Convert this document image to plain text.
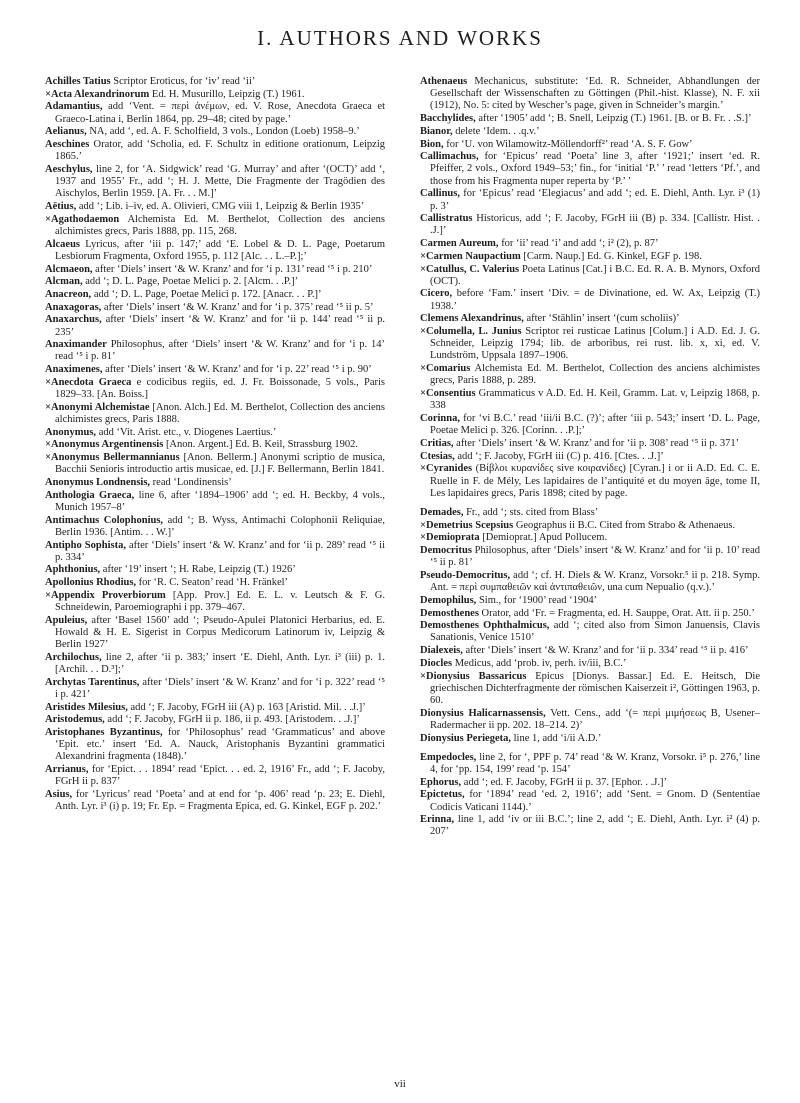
I. AUTHORS AND WORKS

Achilles Tatius Scriptor Eroticus, for ‘iv’ read ‘ii’

×Acta Alexandrinorum Ed. H. Musurillo, Leipzig (T.) 1961.

Adamantius, add ‘Vent. = περὶ ἀνέμων, ed. V. Rose, Anecdota Graeca et Graeco-Latina i, Berlin 1864, pp. 29–48; cited by page.’

Aelianus, NA, add ‘, ed. A. F. Scholfield, 3 vols., London (Loeb) 1958–9.’

Aeschines Orator, add ‘Scholia, ed. F. Schultz in editione orationum, Leipzig 1865.’

Aeschylus, line 2, for ‘A. Sidgwick’ read ‘G. Murray’ and after ‘(OCT)’ add ‘, 1937 and 1955’ Fr., add ‘; H. J. Mette, Die Fragmente der Tragödien des Aischylos, Berlin 1959. [A. Fr. . . M.]’

Aëtius, add ‘; Lib. i–iv, ed. A. Olivieri, CMG viii 1, Leipzig & Berlin 1935’

×Agathodaemon Alchemista Ed. M. Berthelot, Collection des anciens alchimistes grecs, Paris 1888, pp. 115, 268.

Alcaeus Lyricus, after ‘iii p. 147;’ add ‘E. Lobel & D. L. Page, Poetarum Lesbiorum Fragmenta, Oxford 1955, p. 112 [Alc. . . L.–P.];’

Alcmaeon, after ‘Diels’ insert ‘& W. Kranz’ and for ‘i p. 131’ read ‘⁵ i p. 210’

Alcman, add ‘; D. L. Page, Poetae Melici p. 2. [Alcm. . .P.]’

Anacreon, add ‘; D. L. Page, Poetae Melici p. 172. [Anacr. . . P.]’

Anaxagoras, after ‘Diels’ insert ‘& W. Kranz’ and for ‘i p. 375’ read ‘⁵ ii p. 5’

Anaxarchus, after ‘Diels’ insert ‘& W. Kranz’ and for ‘ii p. 144’ read ‘⁵ ii p. 235’

Anaximander Philosophus, after ‘Diels’ insert ‘& W. Kranz’ and for ‘i p. 14’ read ‘⁵ i p. 81’

Anaximenes, after ‘Diels’ insert ‘& W. Kranz’ and for ‘i p. 22’ read ‘⁵ i p. 90’

×Anecdota Graeca e codicibus regiis, ed. J. Fr. Boissonade, 5 vols., Paris 1829–33. [An. Boiss.]

×Anonymi Alchemistae [Anon. Alch.] Ed. M. Berthelot, Collection des anciens alchimistes grecs, Paris 1888.

Anonymus, add ‘Vit. Arist. etc., v. Diogenes Laertius.’

×Anonymus Argentinensis [Anon. Argent.] Ed. B. Keil, Strassburg 1902.

×Anonymus Bellermannianus [Anon. Bellerm.] Anonymi scriptio de musica, Bacchii Senioris introductio artis musicae, ed. [J.] F. Bellermann, Berlin 1841.

Anonymus Londnensis, read ‘Londinensis’

Anthologia Graeca, line 6, after ‘1894–1906’ add ‘; ed. H. Beckby, 4 vols., Munich 1957–8’

Antimachus Colophonius, add ‘; B. Wyss, Antimachi Colophonii Reliquiae, Berlin 1936. [Antim. . . W.]’

Antipho Sophista, after ‘Diels’ insert ‘& W. Kranz’ and for ‘ii p. 289’ read ‘⁵ ii p. 334’

Aphthonius, after ‘19’ insert ‘; H. Rabe, Leipzig (T.) 1926’

Apollonius Rhodius, for ‘R. C. Seaton’ read ‘H. Fränkel’

×Appendix Proverbiorum [App. Prov.] Ed. E. L. v. Leutsch & F. G. Schneidewin, Paroemiographi i pp. 379–467.

Apuleius, after ‘Basel 1560’ add ‘; Pseudo-Apulei Platonici Herbarius, ed. E. Howald & H. E. Sigerist in Corpus Medicorum Latinorum iv, Leipzig & Berlin 1927’

Archilochus, line 2, after ‘ii p. 383;’ insert ‘E. Diehl, Anth. Lyr. i³ (iii) p. 1. [Archil. . . D.³];’

Archytas Tarentinus, after ‘Diels’ insert ‘& W. Kranz’ and for ‘i p. 322’ read ‘⁵ i p. 421’

Aristides Milesius, add ‘; F. Jacoby, FGrH iii (A) p. 163 [Aristid. Mil. . .J.]’

Aristodemus, add ‘; F. Jacoby, FGrH ii p. 186, ii p. 493. [Aristodem. . .J.]’

Aristophanes Byzantinus, for ‘Philosophus’ read ‘Grammaticus’ and above ‘Epit. etc.’ insert ‘Ed. A. Nauck, Aristophanis Byzantini grammatici Alexandrini fragmenta (1848).’

Arrianus, for ‘Epict. . . 1894’ read ‘Epict. . . ed. 2, 1916’ Fr., add ‘; F. Jacoby, FGrH ii p. 837’

Asius, for ‘Lyricus’ read ‘Poeta’ and at end for ‘p. 406’ read ‘p. 23; E. Diehl, Anth. Lyr. i³ (i) p. 19; Fr. Ep. = Fragmenta Epica, ed. G. Kinkel, EGF p. 202.’

Athenaeus Mechanicus, substitute: ‘Ed. R. Schneider, Abhandlungen der Gesellschaft der Wissenschaften zu Göttingen (Phil.-hist. Klasse), N. F. xii (1912), No. 5: cited by Wescher’s page, given in Schneider’s margin.’

Bacchylides, after ‘1905’ add ‘; B. Snell, Leipzig (T.) 1961. [B. or B. Fr. . .S.]’

Bianor, delete ‘Idem. . .q.v.’

Bion, for ‘U. von Wilamowitz-Möllendorff²’ read ‘A. S. F. Gow’

Callimachus, for ‘Epicus’ read ‘Poeta’ line 3, after ‘1921;’ insert ‘ed. R. Pfeiffer, 2 vols., Oxford 1949–53;’ fin., for ‘initial ‘P.’ ’ read ‘letters ‘Pf.’, and those from his Fragmenta nuper reperta by ‘P.’ ’

Callinus, for ‘Epicus’ read ‘Elegiacus’ and add ‘; ed. E. Diehl, Anth. Lyr. i³ (1) p. 3’

Callistratus Historicus, add ‘; F. Jacoby, FGrH iii (B) p. 334. [Callistr. Hist. . .J.]’

Carmen Aureum, for ‘ii’ read ‘i’ and add ‘; i² (2), p. 87’

×Carmen Naupactium [Carm. Naup.] Ed. G. Kinkel, EGF p. 198.

×Catullus, C. Valerius Poeta Latinus [Cat.] i B.C. Ed. R. A. B. Mynors, Oxford (OCT).

Cicero, before ‘Fam.’ insert ‘Div. = de Divinatione, ed. W. Ax, Leipzig (T.) 1938.’

Clemens Alexandrinus, after ‘Stählin’ insert ‘(cum scholiis)’

×Columella, L. Junius Scriptor rei rusticae Latinus [Colum.] i A.D. Ed. J. G. Schneider, Leipzig 1794; lib. de arboribus, rei rust. lib. x, xi, ed. V. Lundström, Uppsala 1897–1906.

×Comarius Alchemista Ed. M. Berthelot, Collection des anciens alchimistes grecs, Paris 1888, p. 289.

×Consentius Grammaticus v A.D. Ed. H. Keil, Gramm. Lat. v, Leipzig 1868, p. 338

Corinna, for ‘vi B.C.’ read ‘iii/ii B.C. (?)’; after ‘iii p. 543;’ insert ‘D. L. Page, Poetae Melici p. 326. [Corinn. . .P.];’

Critias, after ‘Diels’ insert ‘& W. Kranz’ and for ‘ii p. 308’ read ‘⁵ ii p. 371’

Ctesias, add ‘; F. Jacoby, FGrH iii (C) p. 416. [Ctes. . .J.]’

×Cyranides (Βίβλοι κυρανίδες sive κοιρανίδες) [Cyran.] i or ii A.D. Ed. C. E. Ruelle in F. de Mély, Les lapidaires de l’antiquité et du moyen âge, tome II, Les lapidaires grecs, Paris 1898; cited by page.

Demades, Fr., add ‘; sts. cited from Blass’

×Demetrius Scepsius Geographus ii B.C. Cited from Strabo & Athenaeus.

×Demioprata [Demioprat.] Apud Pollucem.

Democritus Philosophus, after ‘Diels’ insert ‘& W. Kranz’ and for ‘ii p. 10’ read ‘⁵ ii p. 81’

Pseudo-Democritus, add ‘; cf. H. Diels & W. Kranz, Vorsokr.⁵ ii p. 218. Symp. Ant. = περὶ συμπαθειῶν καὶ ἀντιπαθειῶν, una cum Nepualio (q.v.).’

Demophilus, Sim., for ‘1900’ read ‘1904’

Demosthenes Orator, add ‘Fr. = Fragmenta, ed. H. Sauppe, Orat. Att. ii p. 250.’

Demosthenes Ophthalmicus, add ‘; cited also from Simon Januensis, Clavis Sanationis, Venice 1510’

Dialexeis, after ‘Diels’ insert ‘& W. Kranz’ and for ‘ii p. 334’ read ‘⁵ ii p. 416’

Diocles Medicus, add ‘prob. iv, perh. iv/iii, B.C.’

×Dionysius Bassaricus Epicus [Dionys. Bassar.] Ed. E. Heitsch, Die griechischen Dichterfragmente der römischen Kaiserzeit i², Göttingen 1963, p. 60.

Dionysius Halicarnassensis, Vett. Cens., add ‘(= περὶ μιμήσεως B, Usener–Radermacher ii pp. 202. 18–214. 2)’

Dionysius Periegeta, line 1, add ‘i/ii A.D.’

Empedocles, line 2, for ‘, PPF p. 74’ read ‘& W. Kranz, Vorsokr. i⁵ p. 276,’ line 4, for ‘pp. 154, 199’ read ‘p. 154’

Ephorus, add ‘; ed. F. Jacoby, FGrH ii p. 37. [Ephor. . .J.]’

Epictetus, for ‘1894’ read ‘ed. 2, 1916’; add ‘Sent. = Gnom. D (Sententiae Codicis Vaticani 1144).’

Erinna, line 1, add ‘iv or iii B.C.’; line 2, add ‘; E. Diehl, Anth. Lyr. i² (4) p. 207’

vii
